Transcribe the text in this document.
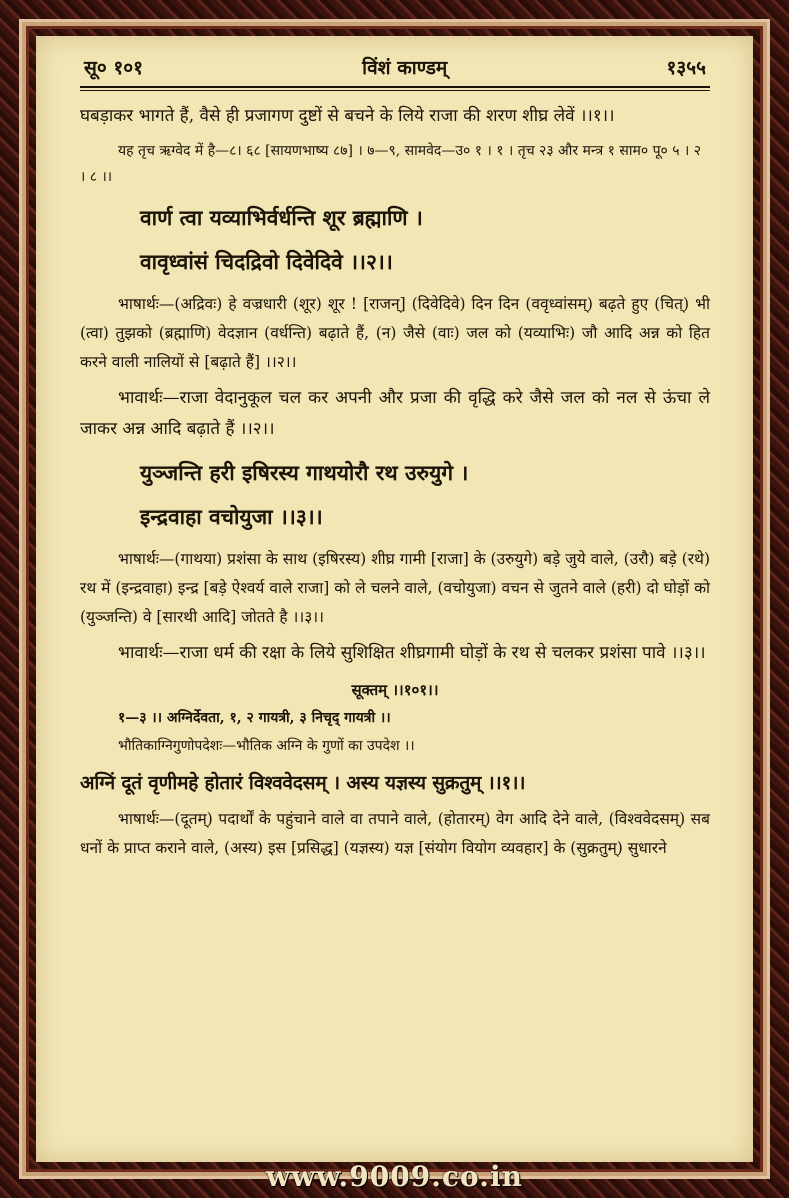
सू० १०१	विंशं काण्डम्	१३५५

घबड़ाकर भागते हैं, वैसे ही प्रजागण दुष्टों से बचने के लिये राजा की शरण शीघ्र लेवें ।।१।।

यह तृच ऋग्वेद में है—८। ६८ [सायणभाष्य ८७] । ७—९, सामवेद—उ० १ । १ । तृच २३ और मन्त्र १ साम० पू० ५ । २ । ८ ।।

वार्ण त्वा यव्याभिर्वर्धन्ति शूर ब्रह्माणि ।

वावृध्वांसं चिदद्रिवो दिवेदिवे ।।२।।

भाषार्थः—(अद्रिवः) हे वज्रधारी (शूर) शूर ! [राजन्] (दिवेदिवे) दिन दिन (ववृध्वांसम्) बढ़ते हुए (चित्) भी (त्वा) तुझको (ब्रह्माणि) वेदज्ञान (वर्धन्ति) बढ़ाते हैं, (न) जैसे (वाः) जल को (यव्याभिः) जौ आदि अन्न को हित करने वाली नालियों से [बढ़ाते हैं] ।।२।।

भावार्थः—राजा वेदानुकूल चल कर अपनी और प्रजा की वृद्धि करे जैसे जल को नल से ऊंचा ले जाकर अन्न आदि बढ़ाते हैं ।।२।।

युञ्जन्ति हरी इषिरस्य गाथयोरौ रथ उरुयुगे ।

इन्द्रवाहा वचोयुजा ।।३।।

भाषार्थः—(गाथया) प्रशंसा के साथ (इषिरस्य) शीघ्र गामी [राजा] के (उरुयुगे) बड़े जुये वाले, (उरौ) बड़े (रथे) रथ में (इन्द्रवाहा) इन्द्र [बड़े ऐश्वर्य वाले राजा] को ले चलने वाले, (वचोयुजा) वचन से जुतने वाले (हरी) दो घोड़ों को (युञ्जन्ति) वे [सारथी आदि] जोतते है ।।३।।

भावार्थः—राजा धर्म की रक्षा के लिये सुशिक्षित शीघ्रगामी घोड़ों के रथ से चलकर प्रशंसा पावे ।।३।।

सूक्तम् ।।१०१।।

१—३ ।। अग्निर्देवता, १, २ गायत्री, ३ निचृद् गायत्री ।।

भौतिकाग्निगुणोपदेशः—भौतिक अग्नि के गुणों का उपदेश ।।

अग्निं दूतं वृणीमहे होतारं विश्ववेदसम् । अस्य यज्ञस्य सुक्रतुम् ।।१।।

भाषार्थः—(दूतम्) पदार्थों के पहुंचाने वाले वा तपाने वाले, (होतारम्) वेग आदि देने वाले, (विश्ववेदसम्) सब धनों के प्राप्त कराने वाले, (अस्य) इस [प्रसिद्ध] (यज्ञस्य) यज्ञ [संयोग वियोग व्यवहार] के (सुक्रतुम्) सुधारने

www.9009.co.in
